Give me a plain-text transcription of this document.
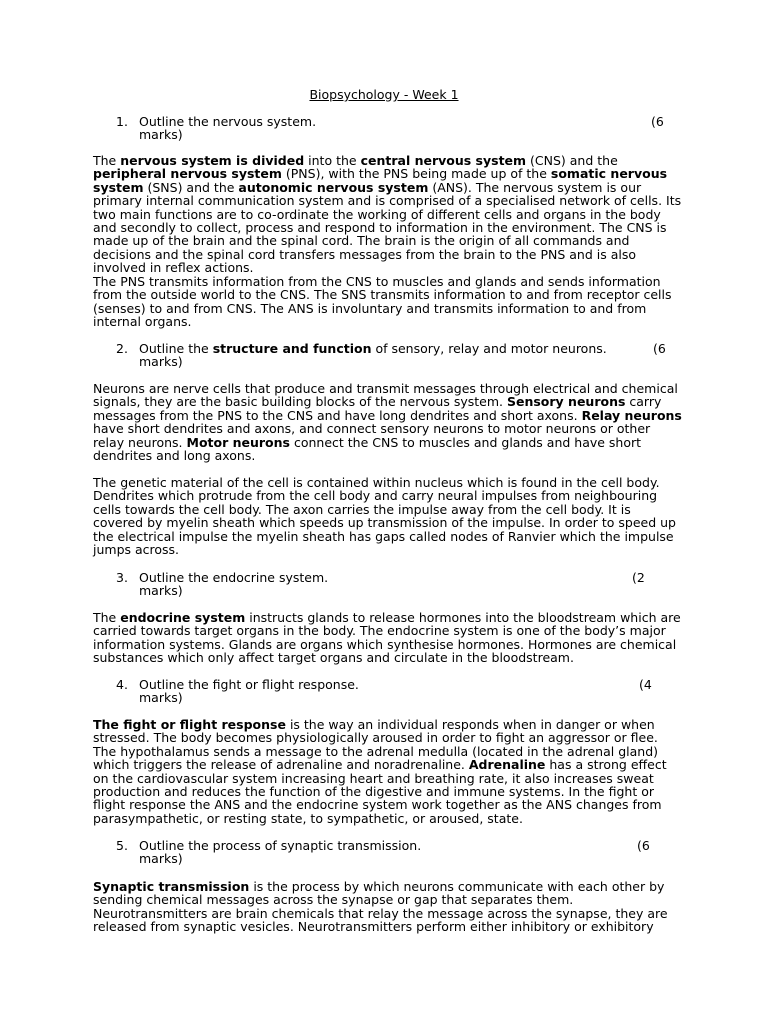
Biopsychology - Week 1
1. Outline the nervous system.	(6
marks)

The nervous system is divided into the central nervous system (CNS) and the peripheral nervous system (PNS), with the PNS being made up of the somatic nervous system (SNS) and the autonomic nervous system (ANS). The nervous system is our primary internal communication system and is comprised of a specialised network of cells. Its two main functions are to co-ordinate the working of different cells and organs in the body and secondly to collect, process and respond to information in the environment. The CNS is made up of the brain and the spinal cord. The brain is the origin of all commands and decisions and the spinal cord transfers messages from the brain to the PNS and is also involved in reflex actions.

The PNS transmits information from the CNS to muscles and glands and sends information from the outside world to the CNS. The SNS transmits information to and from receptor cells (senses) to and from CNS. The ANS is involuntary and transmits information to and from internal organs.

2. Outline the structure and function of sensory, relay and motor neurons.	(6
marks)

Neurons are nerve cells that produce and transmit messages through electrical and chemical signals, they are the basic building blocks of the nervous system. Sensory neurons carry messages from the PNS to the CNS and have long dendrites and short axons. Relay neurons have short dendrites and axons, and connect sensory neurons to motor neurons or other relay neurons. Motor neurons connect the CNS to muscles and glands and have short dendrites and long axons.

The genetic material of the cell is contained within nucleus which is found in the cell body. Dendrites which protrude from the cell body and carry neural impulses from neighbouring cells towards the cell body. The axon carries the impulse away from the cell body. It is covered by myelin sheath which speeds up transmission of the impulse. In order to speed up the electrical impulse the myelin sheath has gaps called nodes of Ranvier which the impulse jumps across.

3. Outline the endocrine system.	(2
marks)

The endocrine system instructs glands to release hormones into the bloodstream which are carried towards target organs in the body. The endocrine system is one of the body’s major information systems. Glands are organs which synthesise hormones. Hormones are chemical substances which only affect target organs and circulate in the bloodstream.

4. Outline the fight or flight response.	(4
marks)

The fight or flight response is the way an individual responds when in danger or when stressed. The body becomes physiologically aroused in order to fight an aggressor or flee. The hypothalamus sends a message to the adrenal medulla (located in the adrenal gland) which triggers the release of adrenaline and noradrenaline. Adrenaline has a strong effect on the cardiovascular system increasing heart and breathing rate, it also increases sweat production and reduces the function of the digestive and immune systems. In the fight or flight response the ANS and the endocrine system work together as the ANS changes from parasympathetic, or resting state, to sympathetic, or aroused, state.

5. Outline the process of synaptic transmission.	(6
marks)

Synaptic transmission is the process by which neurons communicate with each other by sending chemical messages across the synapse or gap that separates them. Neurotransmitters are brain chemicals that relay the message across the synapse, they are released from synaptic vesicles. Neurotransmitters perform either inhibitory or exhibitory
